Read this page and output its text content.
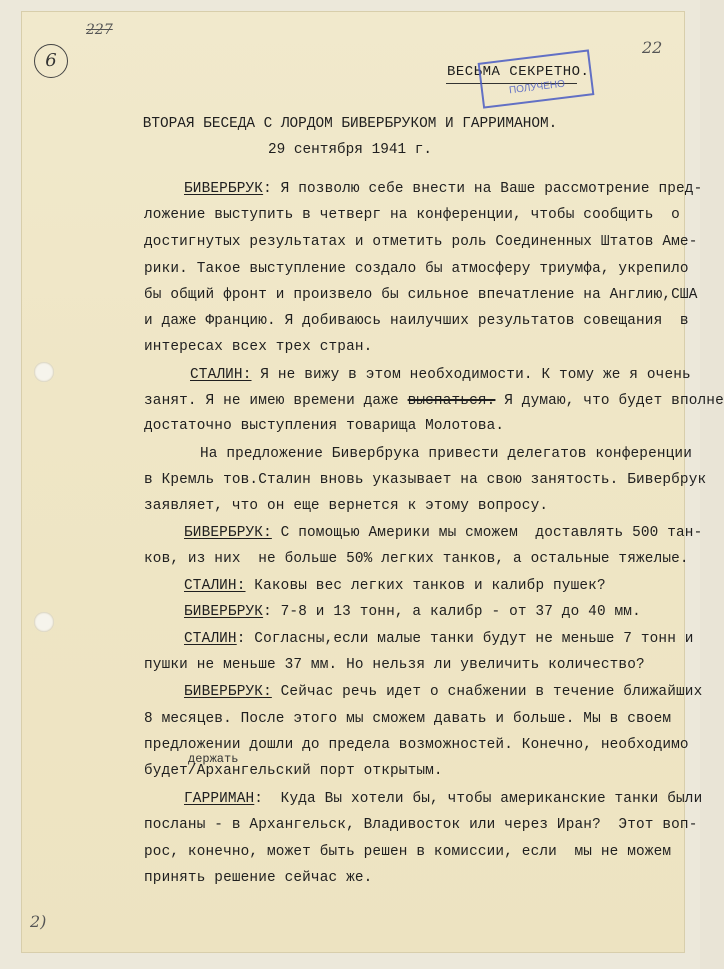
227
6
22
ВЕСЬМА СЕКРЕТНО.
ПОЛУЧЕНО
ВТОРАЯ БЕСЕДА С ЛОРДОМ БИВЕРБРУКОМ И ГАРРИМАНОМ.
29 сентября 1941 г.
БИВЕРБРУК: Я позволю себе внести на Ваше рассмотрение пред-
ложение выступить в четверг на конференции, чтобы сообщить  о
достигнутых результатах и отметить роль Соединенных Штатов Аме-
рики. Такое выступление создало бы атмосферу триумфа, укрепило
бы общий фронт и произвело бы сильное впечатление на Англию,США
и даже Францию. Я добиваюсь наилучших результатов совещания  в
интересах всех трех стран.
СТАЛИН: Я не вижу в этом необходимости. К тому же я очень
занят. Я не имею времени даже выспаться. Я думаю, что будет вполне
достаточно выступления товарища Молотова.
На предложение Бивербрука привести делегатов конференции
в Кремль тов.Сталин вновь указывает на свою занятость. Бивербрук
заявляет, что он еще вернется к этому вопросу.
БИВЕРБРУК: С помощью Америки мы сможем  доставлять 500 тан-
ков, из них  не больше 50% легких танков, а остальные тяжелые.
СТАЛИН: Каковы вес легких танков и калибр пушек?
БИВЕРБРУК: 7-8 и 13 тонн, а калибр - от 37 до 40 мм.
СТАЛИН: Согласны,если малые танки будут не меньше 7 тонн и
пушки не меньше 37 мм. Но нельзя ли увеличить количество?
БИВЕРБРУК: Сейчас речь идет о снабжении в течение ближайших
8 месяцев. После этого мы сможем давать и больше. Мы в своем
предложении дошли до предела возможностей. Конечно, необходимо
держать
будет/Архангельский порт открытым.
ГАРРИМАН:  Куда Вы хотели бы, чтобы американские танки были
посланы - в Архангельск, Владивосток или через Иран?  Этот воп-
рос, конечно, может быть решен в комиссии, если  мы не можем
принять решение сейчас же.
2)
